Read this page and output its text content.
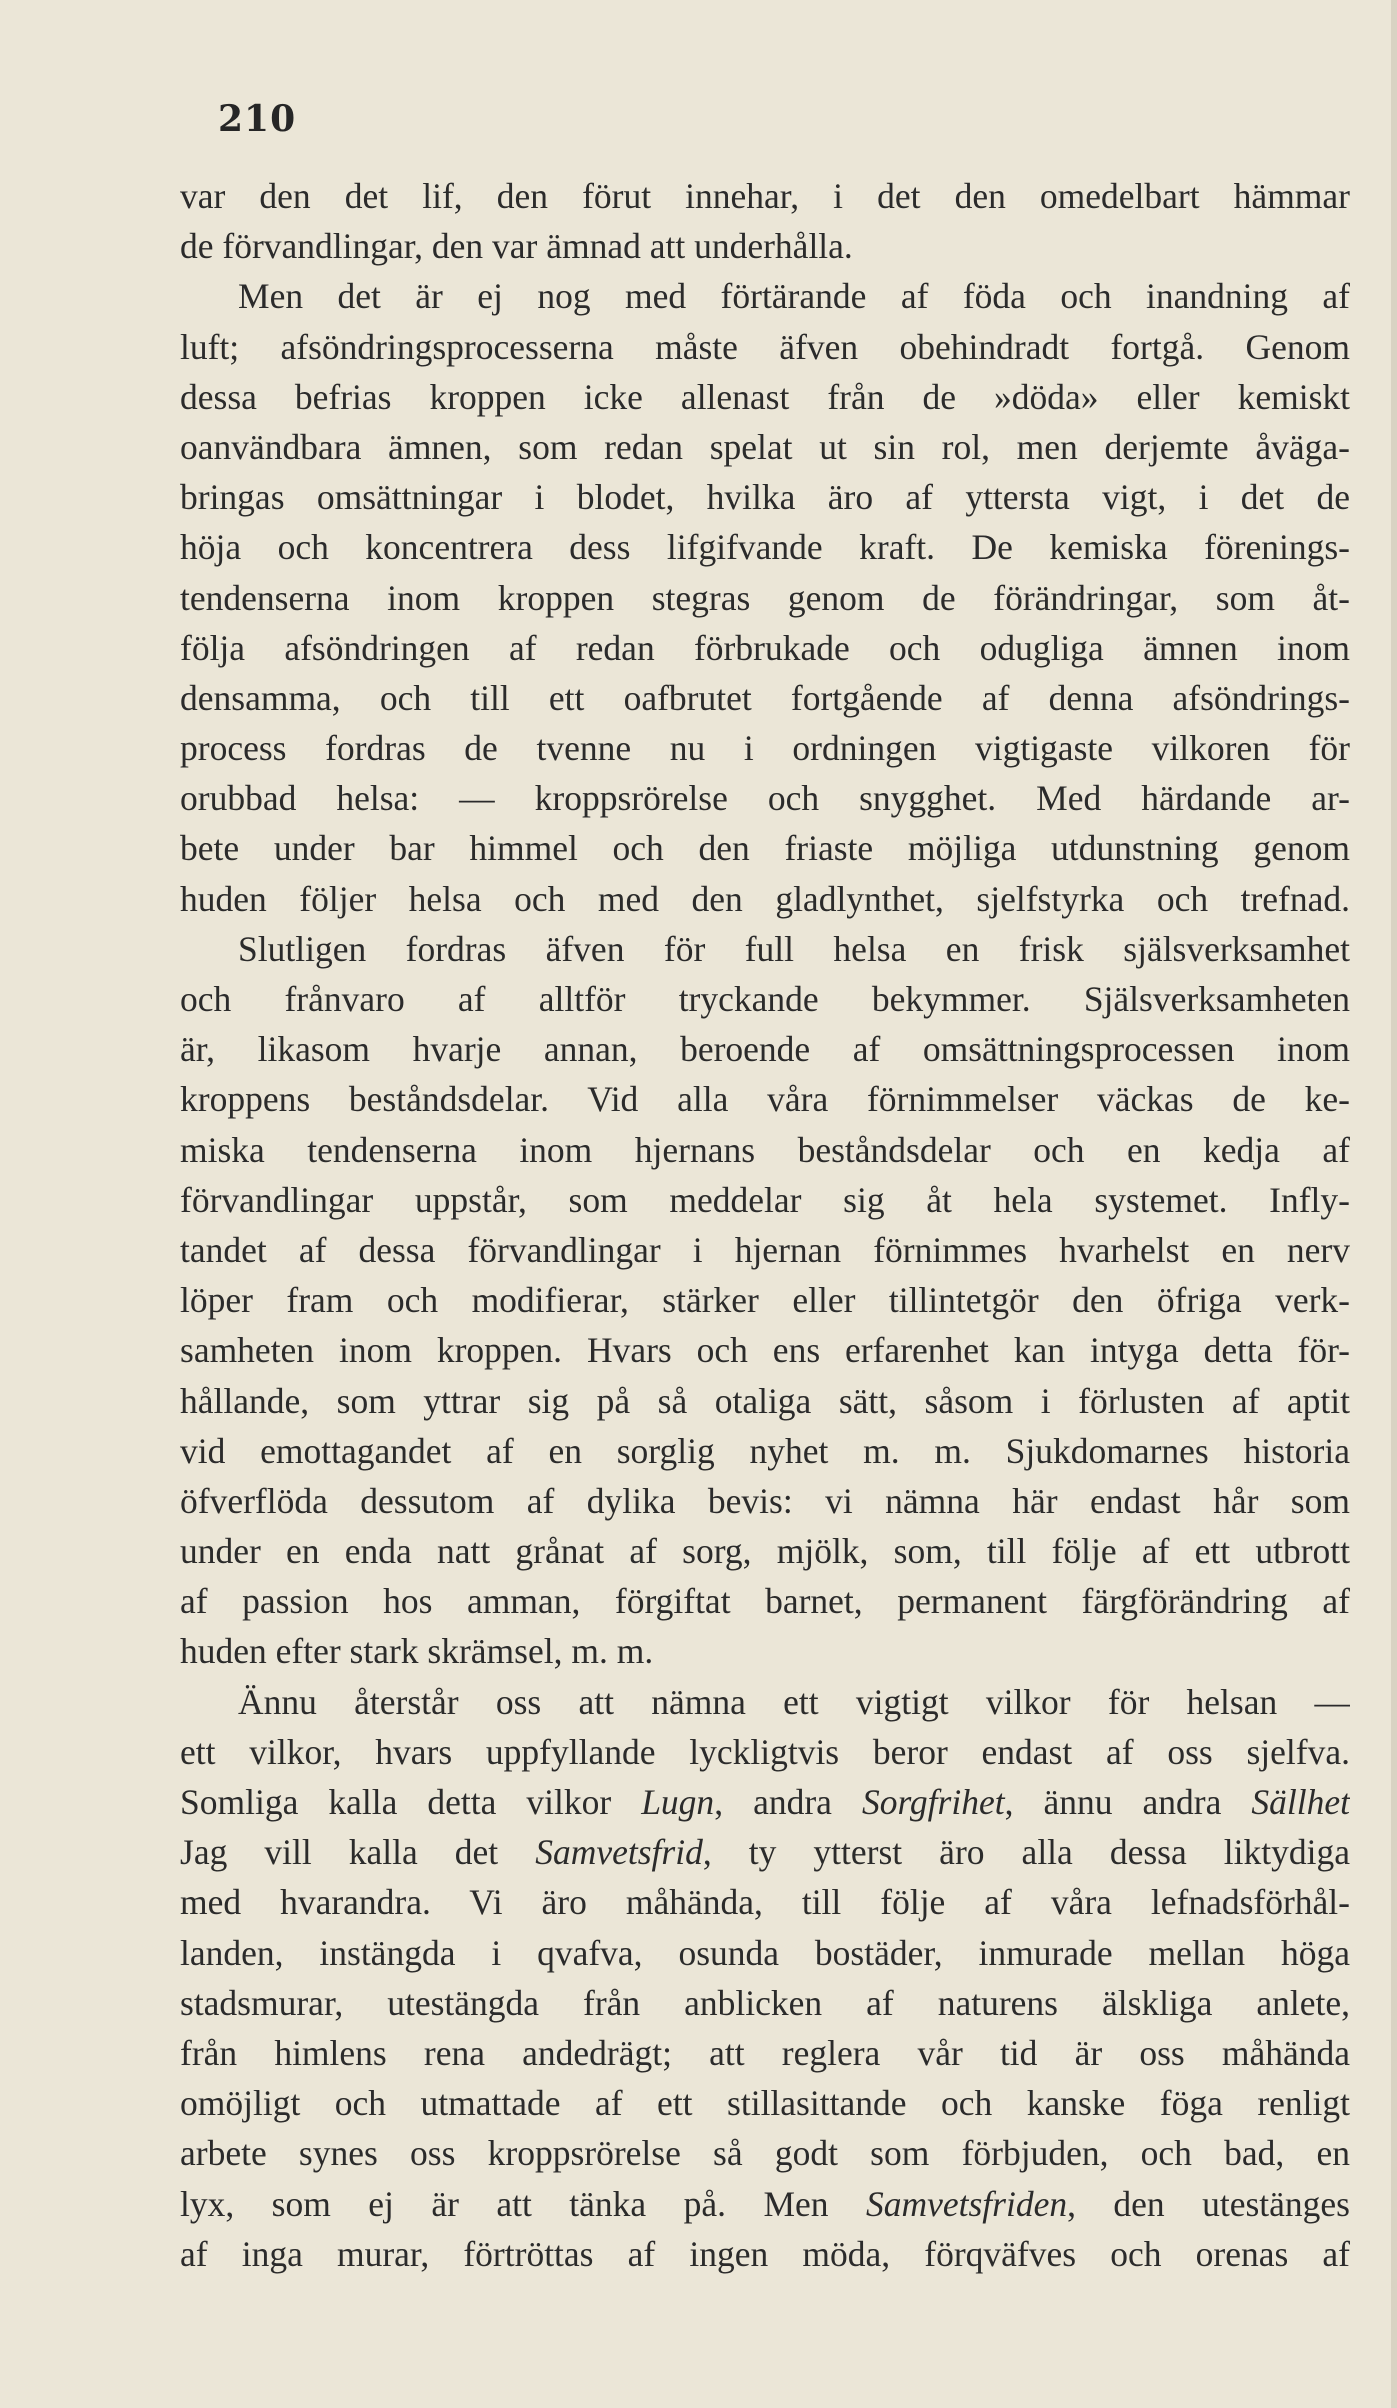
210
var den det lif, den förut innehar, i det den omedelbart hämmar
de förvandlingar, den var ämnad att underhålla.
Men det är ej nog med förtärande af föda och inandning af
luft; afsöndringsprocesserna måste äfven obehindradt fortgå. Genom
dessa befrias kroppen icke allenast från de »döda» eller kemiskt
oanvändbara ämnen, som redan spelat ut sin rol, men derjemte åväga-
bringas omsättningar i blodet, hvilka äro af yttersta vigt, i det de
höja och koncentrera dess lifgifvande kraft. De kemiska förenings-
tendenserna inom kroppen stegras genom de förändringar, som åt-
följa afsöndringen af redan förbrukade och odugliga ämnen inom
densamma, och till ett oafbrutet fortgående af denna afsöndrings-
process fordras de tvenne nu i ordningen vigtigaste vilkoren för
orubbad helsa: — kroppsrörelse och snygghet. Med härdande ar-
bete under bar himmel och den friaste möjliga utdunstning genom
huden följer helsa och med den gladlynthet, sjelfstyrka och trefnad.
Slutligen fordras äfven för full helsa en frisk själsverksamhet
och frånvaro af alltför tryckande bekymmer. Själsverksamheten
är, likasom hvarje annan, beroende af omsättningsprocessen inom
kroppens beståndsdelar. Vid alla våra förnimmelser väckas de ke-
miska tendenserna inom hjernans beståndsdelar och en kedja af
förvandlingar uppstår, som meddelar sig åt hela systemet. Infly-
tandet af dessa förvandlingar i hjernan förnimmes hvarhelst en nerv
löper fram och modifierar, stärker eller tillintetgör den öfriga verk-
samheten inom kroppen. Hvars och ens erfarenhet kan intyga detta för-
hållande, som yttrar sig på så otaliga sätt, såsom i förlusten af aptit
vid emottagandet af en sorglig nyhet m. m. Sjukdomarnes historia
öfverflöda dessutom af dylika bevis: vi nämna här endast hår som
under en enda natt grånat af sorg, mjölk, som, till följe af ett utbrott
af passion hos amman, förgiftat barnet, permanent färgförändring af
huden efter stark skrämsel, m. m.
Ännu återstår oss att nämna ett vigtigt vilkor för helsan —
ett vilkor, hvars uppfyllande lyckligtvis beror endast af oss sjelfva.
Somliga kalla detta vilkor Lugn, andra Sorgfrihet, ännu andra Sällhet
Jag vill kalla det Samvetsfrid, ty ytterst äro alla dessa liktydiga
med hvarandra. Vi äro måhända, till följe af våra lefnadsförhål-
landen, instängda i qvafva, osunda bostäder, inmurade mellan höga
stadsmurar, utestängda från anblicken af naturens älskliga anlete,
från himlens rena andedrägt; att reglera vår tid är oss måhända
omöjligt och utmattade af ett stillasittande och kanske föga renligt
arbete synes oss kroppsrörelse så godt som förbjuden, och bad, en
lyx, som ej är att tänka på. Men Samvetsfriden, den utestänges
af inga murar, förtröttas af ingen möda, förqväfves och orenas af
